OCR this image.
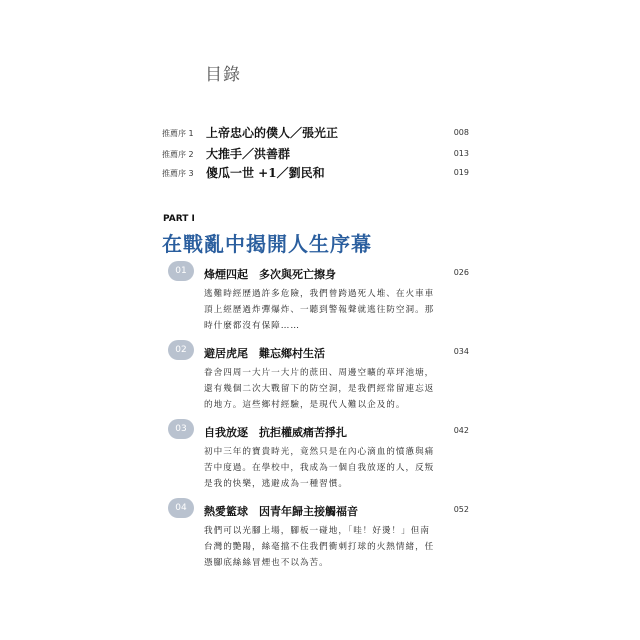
目錄
推薦序 1 上帝忠心的僕人／張光正	008
推薦序 2 大推手／洪善群	013
推薦序 3 傻瓜一世 +1／劉民和	019
PART I
在戰亂中揭開人生序幕
01	烽煙四起　多次與死亡擦身	026
逃難時經歷過許多危險，我們曾跨過死人堆、在火車車
頂上經歷過炸彈爆炸、一聽到警報聲就逃往防空洞。那
時什麼都沒有保障……
02	避居虎尾　難忘鄉村生活	034
眷舍四周一大片一大片的蔗田、周邊空曠的草坪池塘，
還有幾個二次大戰留下的防空洞，是我們經常留連忘返
的地方。這些鄉村經驗，是現代人難以企及的。
03	自我放逐　抗拒權威痛苦掙扎	042
初中三年的寶貴時光，竟然只是在內心滴血的憤懣與痛
苦中度過。在學校中，我成為一個自我放逐的人，反叛
是我的快樂，逃避成為一種習慣。
04	熱愛籃球　因青年歸主接觸福音	052
我們可以光腳上場，腳板一碰地，「哇！好燙！」但南
台灣的艷陽，絲毫擋不住我們衝刺打球的火熱情緒，任
憑腳底絲絲冒煙也不以為苦。
